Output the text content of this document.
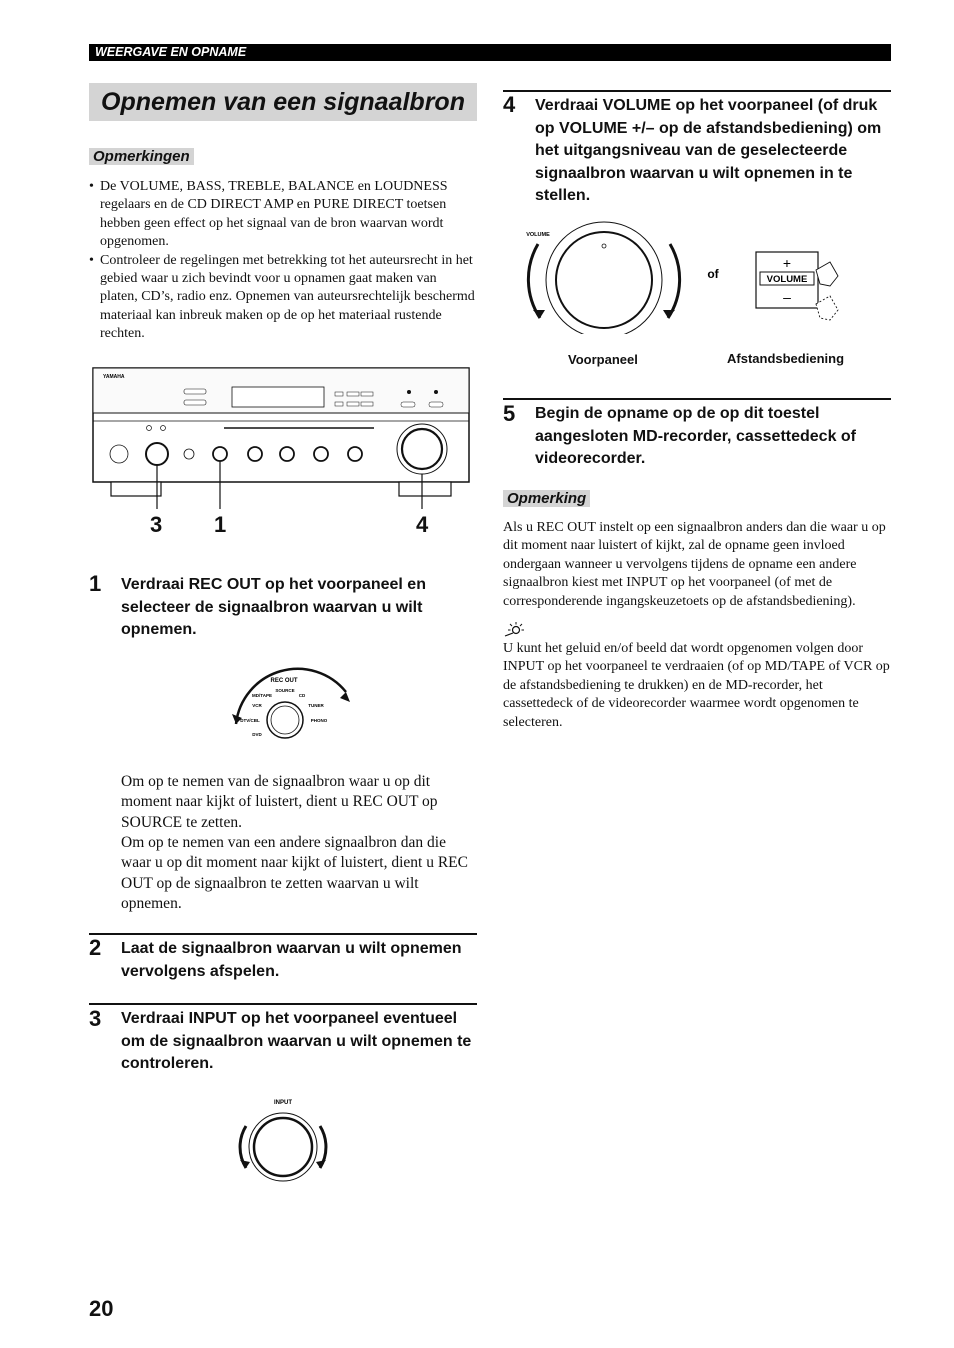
WEERGAVE EN OPNAME
Opnemen van een signaalbron
Opmerkingen
• De VOLUME, BASS, TREBLE, BALANCE en LOUDNESS regelaars en de CD DIRECT AMP en PURE DIRECT toetsen hebben geen effect op het signaal van de bron waarvan wordt opgenomen.
• Controleer de regelingen met betrekking tot het auteursrecht in het gebied waar u zich bevindt voor u opnamen gaat maken van platen, CD’s, radio enz. Opnemen van auteursrechtelijk beschermd materiaal kan inbreuk maken op de op het materiaal rustende rechten.
YAMAHA
3 1	4
1 Verdraai REC OUT op het voorpaneel en selecteer de signaalbron waarvan u wilt opnemen.
REC OUT
SOURCE
MD/TAPE	CD
VCR	TUNER
DTV/CBL	PHONO
DVD
Om op te nemen van de signaalbron waar u op dit moment naar kijkt of luistert, dient u REC OUT op SOURCE te zetten.
Om op te nemen van een andere signaalbron dan die waar u op dit moment naar kijkt of luistert, dient u REC OUT op de signaalbron te zetten waarvan u wilt opnemen.
2 Laat de signaalbron waarvan u wilt opnemen vervolgens afspelen.
3 Verdraai INPUT op het voorpaneel eventueel om de signaalbron waarvan u wilt opnemen te controleren.
INPUT
4 Verdraai VOLUME op het voorpaneel (of druk op VOLUME +/– op de afstandsbediening) om het uitgangsniveau van de geselecteerde signaalbron waarvan u wilt opnemen in te stellen.
VOLUME
of	VOLUME
+
–
Voorpaneel	Afstandsbediening
5 Begin de opname op de op dit toestel aangesloten MD-recorder, cassettedeck of videorecorder.
Opmerking
Als u REC OUT instelt op een signaalbron anders dan die waar u op dit moment naar luistert of kijkt, zal de opname geen invloed ondergaan wanneer u vervolgens tijdens de opname een andere signaalbron kiest met INPUT op het voorpaneel (of met de corresponderende ingangskeuzetoets op de afstandsbediening).
U kunt het geluid en/of beeld dat wordt opgenomen volgen door INPUT op het voorpaneel te verdraaien (of op MD/TAPE of VCR op de afstandsbediening te drukken) en de MD-recorder, het cassettedeck of de videorecorder waarmee wordt opgenomen te selecteren.
20
